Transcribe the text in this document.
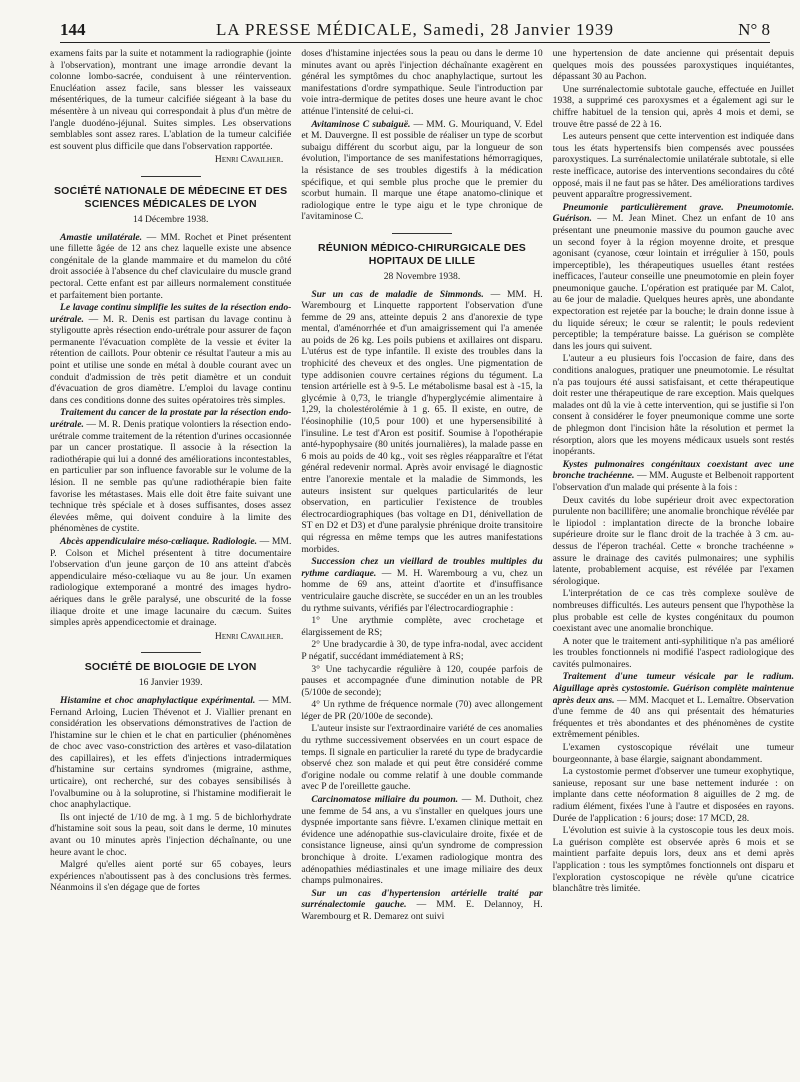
144	LA PRESSE MÉDICALE, Samedi, 28 Janvier 1939	N° 8

examens faits par la suite et notamment la radiographie (jointe à l'observation), montrant une image arrondie devant la colonne lombo-sacrée, conduisent à une réintervention. Enucléation assez facile, sans blesser les vaisseaux mésentériques, de la tumeur calcifiée siégeant à la base du mésentère à un niveau qui correspondait à plus d'un mètre de l'angle duodéno-jéjunal. Suites simples. Les observations semblables sont assez rares. L'ablation de la tumeur calcifiée est souvent plus difficile que dans l'observation rapportée.

Henri Cavailher.
SOCIÉTÉ NATIONALE DE MÉDECINE ET DES SCIENCES MÉDICALES DE LYON
14 Décembre 1938.

Amastie unilatérale. — MM. Rochet et Pinet présentent une fillette âgée de 12 ans chez laquelle existe une absence congénitale de la glande mammaire et du mamelon du côté droit associée à l'absence du chef claviculaire du muscle grand pectoral. Cette enfant est par ailleurs normalement constituée et parfaitement bien portante.

Le lavage continu simplifie les suites de la résection endo-urétrale. — M. R. Denis est partisan du lavage continu à styligoutte après résection endo-urétrale pour assurer de façon permanente l'évacuation complète de la vessie et éviter la rétention de caillots. Pour obtenir ce résultat l'auteur a mis au point et utilise une sonde en métal à double courant avec un conduit d'admission de très petit diamètre et un conduit d'évacuation de gros diamètre. L'emploi du lavage continu dans ces conditions donne des suites opératoires très simples.

Traitement du cancer de la prostate par la résection endo-urétrale. — M. R. Denis pratique volontiers la résection endo-urétrale comme traitement de la rétention d'urines occasionnée par un cancer prostatique. Il associe à la résection la radiothérapie qui lui a donné des améliorations incontestables, en particulier par son influence favorable sur le volume de la lésion. Il ne semble pas qu'une radiothérapie bien faite favorise les métastases. Mais elle doit être faite suivant une technique très spéciale et à doses suffisantes, doses assez élevées même, qui doivent conduire à la limite des phénomènes de cystite.

Abcès appendiculaire méso-cœliaque. Radiologie. — MM. P. Colson et Michel présentent à titre documentaire l'observation d'un jeune garçon de 10 ans atteint d'abcès appendiculaire méso-cœliaque vu au 8e jour. Un examen radiologique extemporané a montré des images hydro-aériques dans le grêle paralysé, une obscurité de la fosse iliaque droite et une image lacunaire du cæcum. Suites simples après appendicectomie et drainage.

Henri Cavailher.
SOCIÉTÉ DE BIOLOGIE DE LYON
16 Janvier 1939.

Histamine et choc anaphylactique expérimental. — MM. Fernand Arloing, Lucien Thévenot et J. Viallier prenant en considération les observations démonstratives de l'action de l'histamine sur le chien et le chat en particulier (phénomènes de choc avec vaso-constriction des artères et vaso-dilatation des capillaires), et les effets d'injections intradermiques d'histamine sur certains syndromes (migraine, asthme, urticaire), ont recherché, sur des cobayes sensibilisés à l'ovalbumine ou à la soluprotine, si l'histamine modifierait le choc anaphylactique.

Ils ont injecté de 1/10 de mg. à 1 mg. 5 de bichlorhydrate d'histamine soit sous la peau, soit dans le derme, 10 minutes avant ou 10 minutes après l'injection déchaînante, ou une heure avant le choc.

Malgré qu'elles aient porté sur 65 cobayes, leurs expériences n'aboutissent pas à des conclusions très fermes. Néanmoins il s'en dégage que de fortes

doses d'histamine injectées sous la peau ou dans le derme 10 minutes avant ou après l'injection déchaînante exagèrent en général les symptômes du choc anaphylactique, surtout les manifestations d'ordre sympathique. Seule l'introduction par voie intra-dermique de petites doses une heure avant le choc atténue l'intensité de celui-ci.

Avitaminose C subaiguë. — MM. G. Mouriquand, V. Edel et M. Dauvergne. Il est possible de réaliser un type de scorbut subaigu différent du scorbut aigu, par la longueur de son évolution, l'importance de ses manifestations hémorragiques, la résistance de ses troubles digestifs à la médication spécifique, et qui semble plus proche que le premier du scorbut humain. Il marque une étape anatomo-clinique et radiologique entre le type aigu et le type chronique de l'avitaminose C.

RÉUNION MÉDICO-CHIRURGICALE DES HOPITAUX DE LILLE
28 Novembre 1938.

Sur un cas de maladie de Simmonds. — MM. H. Warembourg et Linquette rapportent l'observation d'une femme de 29 ans, atteinte depuis 2 ans d'anorexie de type mental, d'aménorrhée et d'un amaigrissement qui l'a amenée au poids de 26 kg. Les poils pubiens et axillaires ont disparu. L'utérus est de type infantile. Il existe des troubles dans la trophicité des cheveux et des ongles. Une pigmentation de type addisonien couvre certaines régions du tégument. La tension artérielle est à 9-5. Le métabolisme basal est à -15, la glycémie à 0,73, le triangle d'hyperglycémie alimentaire à 1,29, la cholestérolémie à 1 g. 65. Il existe, en outre, de l'éosinophilie (10,5 pour 100) et une hypersensibilité à l'insuline. Le test d'Aron est positif. Soumise à l'opothérapie anté-hypophysaire (80 unités journalières), la malade passe en 6 mois au poids de 40 kg., voit ses règles réapparaître et l'état général redevenir normal. Après avoir envisagé le diagnostic entre l'anorexie mentale et la maladie de Simmonds, les auteurs insistent sur quelques particularités de leur observation, en particulier l'existence de troubles électrocardiographiques (bas voltage en D1, dénivellation de ST en D2 et D3) et d'une paralysie phrénique droite transitoire qui régressa en même temps que les autres manifestations morbides.

Succession chez un vieillard de troubles multiples du rythme cardiaque. — M. H. Warembourg a vu, chez un homme de 69 ans, atteint d'aortite et d'insuffisance ventriculaire gauche discrète, se succéder en un an les troubles du rythme suivants, vérifiés par l'électrocardiographie :

1° Une arythmie complète, avec crochetage et élargissement de RS;

2° Une bradycardie à 30, de type infra-nodal, avec accident P négatif, succédant immédiatement à RS;

3° Une tachycardie régulière à 120, coupée parfois de pauses et accompagnée d'une diminution notable de PR (5/100e de seconde);

4° Un rythme de fréquence normale (70) avec allongement léger de PR (20/100e de seconde).

L'auteur insiste sur l'extraordinaire variété de ces anomalies du rythme successivement observées en un court espace de temps. Il signale en particulier la rareté du type de bradycardie observé chez son malade et qui peut être considéré comme d'origine nodale ou comme relatif à une double commande avec P de l'oreillette gauche.

Carcinomatose miliaire du poumon. — M. Duthoit, chez une femme de 54 ans, a vu s'installer en quelques jours une dyspnée importante sans fièvre. L'examen clinique mettait en évidence une adénopathie sus-claviculaire droite, fixée et de consistance ligneuse, ainsi qu'un syndrome de compression bronchique à droite. L'examen radiologique montra des adénopathies médiastinales et une image miliaire des deux champs pulmonaires.

Sur un cas d'hypertension artérielle traité par surrénalectomie gauche. — MM. E. Delannoy, H. Warembourg et R. Demarez ont suivi

une hypertension de date ancienne qui présentait depuis quelques mois des poussées paroxystiques inquiétantes, dépassant 30 au Pachon.

Une surrénalectomie subtotale gauche, effectuée en Juillet 1938, a supprimé ces paroxysmes et a également agi sur le chiffre habituel de la tension qui, après 4 mois et demi, se trouve être passé de 22 à 16.

Les auteurs pensent que cette intervention est indiquée dans tous les états hypertensifs bien compensés avec poussées paroxystiques. La surrénalectomie unilatérale subtotale, si elle reste inefficace, autorise des interventions secondaires du côté opposé, mais il ne faut pas se hâter. Des améliorations tardives peuvent apparaître progressivement.

Pneumonie particulièrement grave. Pneumotomie. Guérison. — M. Jean Minet. Chez un enfant de 10 ans présentant une pneumonie massive du poumon gauche avec un second foyer à la région moyenne droite, et presque agonisant (cyanose, cœur lointain et irrégulier à 150, pouls imperceptible), les thérapeutiques usuelles étant restées inefficaces, l'auteur conseille une pneumotomie en plein foyer pneumonique gauche. L'opération est pratiquée par M. Calot, au 6e jour de maladie. Quelques heures après, une abondante expectoration est rejetée par la bouche; le drain donne issue à du liquide séreux; le cœur se ralentit; le pouls redevient perceptible; la température baisse. La guérison se complète dans les jours qui suivent.

L'auteur a eu plusieurs fois l'occasion de faire, dans des conditions analogues, pratiquer une pneumotomie. Le résultat n'a pas toujours été aussi satisfaisant, et cette thérapeutique doit rester une thérapeutique de rare exception. Mais quelques malades ont dû la vie à cette intervention, qui se justifie si l'on consent à considérer le foyer pneumonique comme une sorte de phlegmon dont l'incision hâte la résolution et permet la résorption, alors que les moyens médicaux usuels sont restés inopérants.

Kystes pulmonaires congénitaux coexistant avec une bronche trachéenne. — MM. Auguste et Belbenoit rapportent l'observation d'un malade qui présente à la fois :

Deux cavités du lobe supérieur droit avec expectoration purulente non bacillifère; une anomalie bronchique révélée par le lipiodol : implantation directe de la bronche lobaire supérieure droite sur le flanc droit de la trachée à 3 cm. au-dessus de l'éperon trachéal. Cette « bronche trachéenne » assure le drainage des cavités pulmonaires; une syphilis latente, probablement acquise, est révélée par l'examen sérologique.

L'interprétation de ce cas très complexe soulève de nombreuses difficultés. Les auteurs pensent que l'hypothèse la plus probable est celle de kystes congénitaux du poumon coexistant avec une anomalie bronchique.

A noter que le traitement anti-syphilitique n'a pas amélioré les troubles fonctionnels ni modifié l'aspect radiologique des cavités pulmonaires.

Traitement d'une tumeur vésicale par le radium. Aiguillage après cystostomie. Guérison complète maintenue après deux ans. — MM. Macquet et L. Lemaître. Observation d'une femme de 40 ans qui présentait des hématuries fréquentes et très abondantes et des phénomènes de cystite extrêmement pénibles.

L'examen cystoscopique révélait une tumeur bourgeonnante, à base élargie, saignant abondamment.

La cystostomie permet d'observer une tumeur exophytique, sanieuse, reposant sur une base nettement indurée : on implante dans cette néoformation 8 aiguilles de 2 mg. de radium élément, fixées l'une à l'autre et disposées en rayons. Durée de l'application : 6 jours; dose: 17 MCD, 28.

L'évolution est suivie à la cystoscopie tous les deux mois. La guérison complète est observée après 6 mois et se maintient parfaite depuis lors, deux ans et demi après l'application : tous les symptômes fonctionnels ont disparu et l'exploration cystoscopique ne révèle qu'une cicatrice blanchâtre très limitée.
